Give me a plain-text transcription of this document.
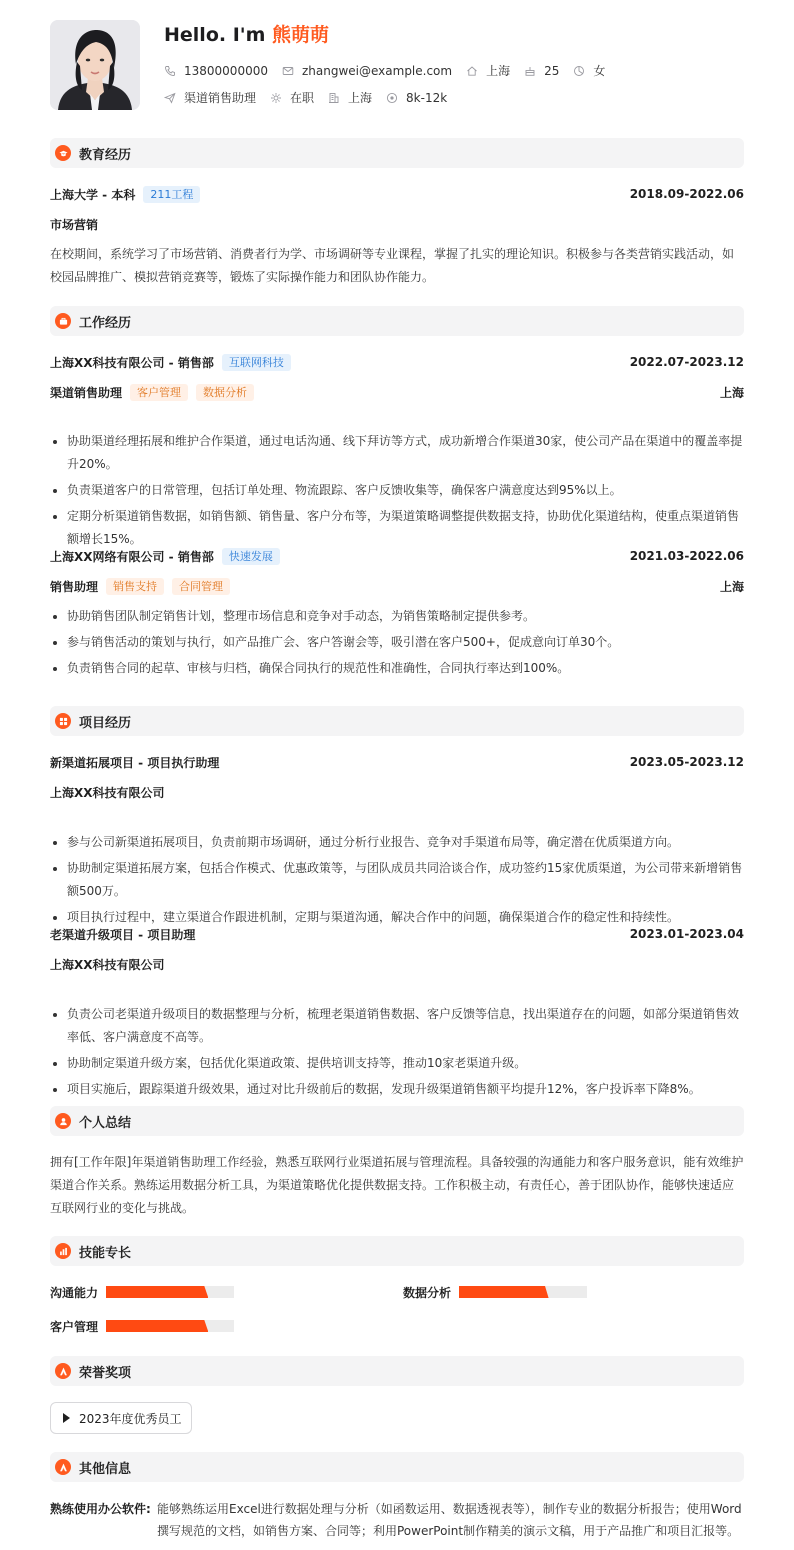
Hello. I'm 熊萌萌
13800000000	zhangwei@example.com	上海	25	女
渠道销售助理	在职	上海	8k-12k
教育经历
上海大学 - 本科	211工程	2018.09-2022.06
市场营销
在校期间，系统学习了市场营销、消费者行为学、市场调研等专业课程，掌握了扎实的理论知识。积极参与各类营销实践活动，如校园品牌推广、模拟营销竞赛等，锻炼了实际操作能力和团队协作能力。
工作经历
上海XX科技有限公司 - 销售部	互联网科技	2022.07-2023.12
渠道销售助理	客户管理	数据分析	上海
协助渠道经理拓展和维护合作渠道，通过电话沟通、线下拜访等方式，成功新增合作渠道30家，使公司产品在渠道中的覆盖率提升20%。
负责渠道客户的日常管理，包括订单处理、物流跟踪、客户反馈收集等，确保客户满意度达到95%以上。
定期分析渠道销售数据，如销售额、销售量、客户分布等，为渠道策略调整提供数据支持，协助优化渠道结构，使重点渠道销售额增长15%。
上海XX网络有限公司 - 销售部	快速发展	2021.03-2022.06
销售助理	销售支持	合同管理	上海
协助销售团队制定销售计划，整理市场信息和竞争对手动态，为销售策略制定提供参考。
参与销售活动的策划与执行，如产品推广会、客户答谢会等，吸引潜在客户500+，促成意向订单30个。
负责销售合同的起草、审核与归档，确保合同执行的规范性和准确性，合同执行率达到100%。
项目经历
新渠道拓展项目 - 项目执行助理	2023.05-2023.12
上海XX科技有限公司
参与公司新渠道拓展项目，负责前期市场调研，通过分析行业报告、竞争对手渠道布局等，确定潜在优质渠道方向。
协助制定渠道拓展方案，包括合作模式、优惠政策等，与团队成员共同洽谈合作，成功签约15家优质渠道，为公司带来新增销售额500万。
项目执行过程中，建立渠道合作跟进机制，定期与渠道沟通，解决合作中的问题，确保渠道合作的稳定性和持续性。
老渠道升级项目 - 项目助理	2023.01-2023.04
上海XX科技有限公司
负责公司老渠道升级项目的数据整理与分析，梳理老渠道销售数据、客户反馈等信息，找出渠道存在的问题，如部分渠道销售效率低、客户满意度不高等。
协助制定渠道升级方案，包括优化渠道政策、提供培训支持等，推动10家老渠道升级。
项目实施后，跟踪渠道升级效果，通过对比升级前后的数据，发现升级渠道销售额平均提升12%，客户投诉率下降8%。
个人总结
拥有[工作年限]年渠道销售助理工作经验，熟悉互联网行业渠道拓展与管理流程。具备较强的沟通能力和客户服务意识，能有效维护渠道合作关系。熟练运用数据分析工具，为渠道策略优化提供数据支持。工作积极主动，有责任心，善于团队协作，能够快速适应互联网行业的变化与挑战。
技能专长
沟通能力	数据分析
客户管理
荣誉奖项
2023年度优秀员工
其他信息
熟练使用办公软件: 能够熟练运用Excel进行数据处理与分析（如函数运用、数据透视表等），制作专业的数据分析报告；使用Word撰写规范的文档，如销售方案、合同等；利用PowerPoint制作精美的演示文稿，用于产品推广和项目汇报等。
